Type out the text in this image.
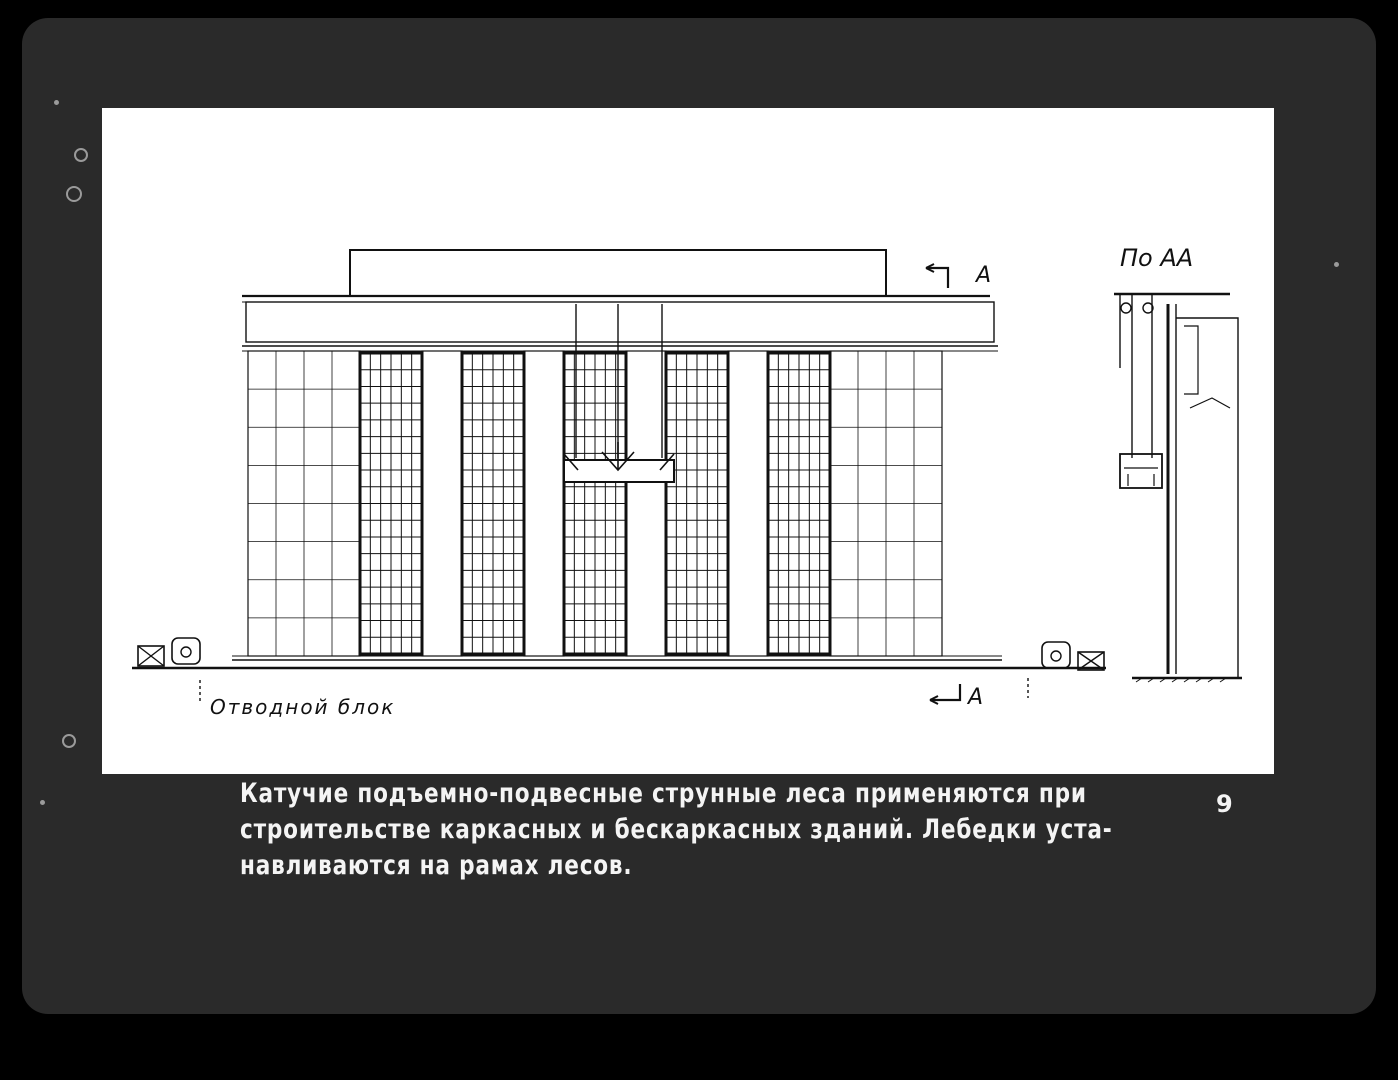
По АА
А
А
Отводной блок
Катучие подъемно-подвесные струнные леса применяются при
строительстве каркасных и бескаркасных зданий. Лебедки уста-
навливаются на рамах лесов.
9
